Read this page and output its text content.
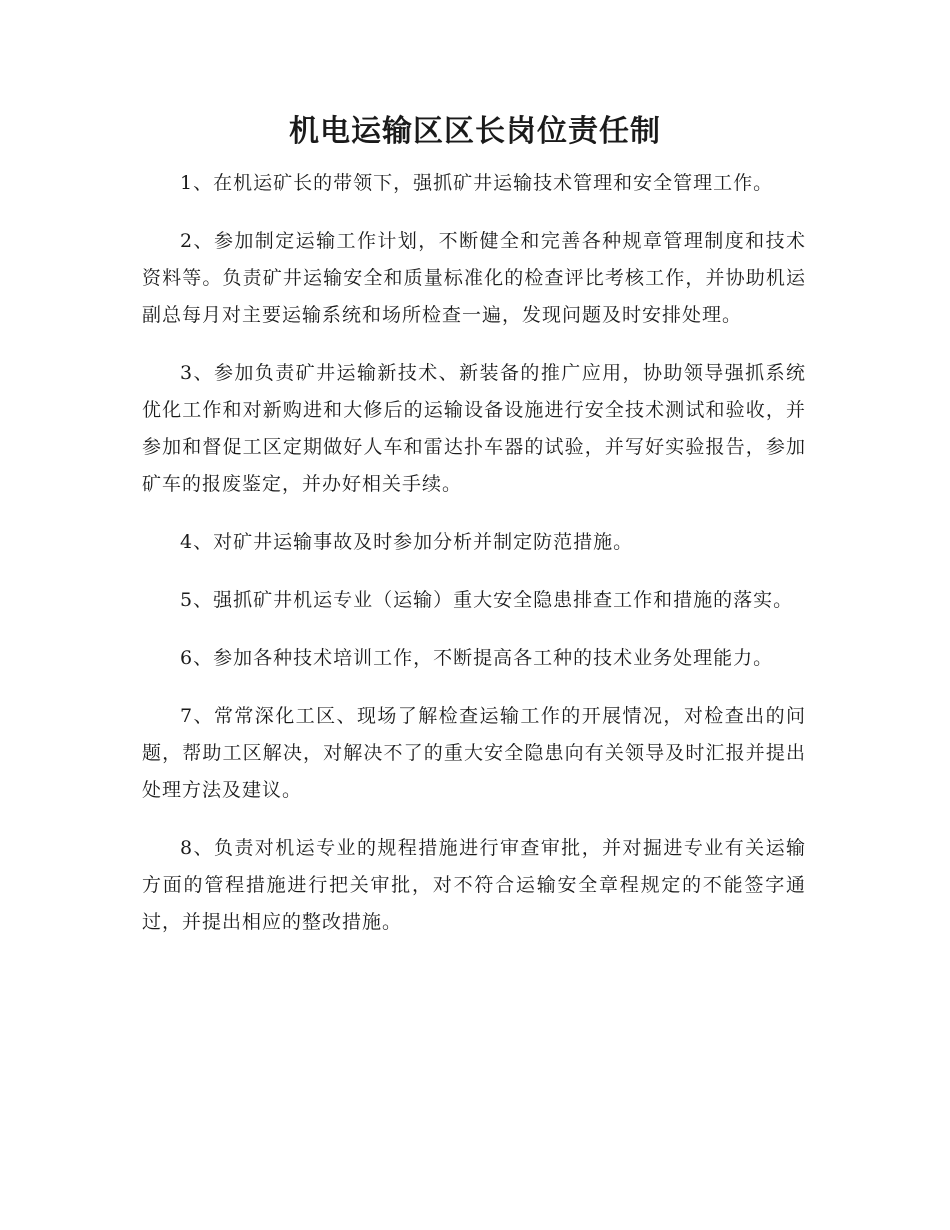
机电运输区区长岗位责任制

1、在机运矿长的带领下，强抓矿井运输技术管理和安全管理工作。

2、参加制定运输工作计划，不断健全和完善各种规章管理制度和技术资料等。负责矿井运输安全和质量标准化的检查评比考核工作，并协助机运副总每月对主要运输系统和场所检查一遍，发现问题及时安排处理。

3、参加负责矿井运输新技术、新装备的推广应用，协助领导强抓系统优化工作和对新购进和大修后的运输设备设施进行安全技术测试和验收，并参加和督促工区定期做好人车和雷达扑车器的试验，并写好实验报告，参加矿车的报废鉴定，并办好相关手续。

4、对矿井运输事故及时参加分析并制定防范措施。

5、强抓矿井机运专业（运输）重大安全隐患排查工作和措施的落实。

6、参加各种技术培训工作，不断提高各工种的技术业务处理能力。

7、常常深化工区、现场了解检查运输工作的开展情况，对检查出的问题，帮助工区解决，对解决不了的重大安全隐患向有关领导及时汇报并提出处理方法及建议。

8、负责对机运专业的规程措施进行审查审批，并对掘进专业有关运输方面的管程措施进行把关审批，对不符合运输安全章程规定的不能签字通过，并提出相应的整改措施。
